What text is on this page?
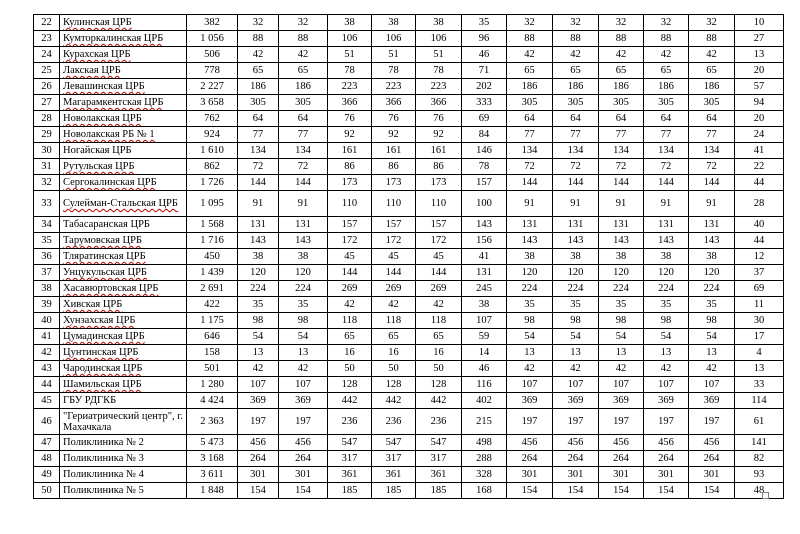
22	Кулинская ЦРБ	382	32	32	38	38	38	35	32	32	32	32	32	10
23	Кумторкалинская ЦРБ	1 056	88	88	106	106	106	96	88	88	88	88	88	27
24	Курахская ЦРБ	506	42	42	51	51	51	46	42	42	42	42	42	13
25	Лакская ЦРБ	778	65	65	78	78	78	71	65	65	65	65	65	20
26	Левашинская ЦРБ	2 227	186	186	223	223	223	202	186	186	186	186	186	57
27	Магарамкентская ЦРБ	3 658	305	305	366	366	366	333	305	305	305	305	305	94
28	Новолакская ЦРБ	762	64	64	76	76	76	69	64	64	64	64	64	20
29	Новолакская РБ № 1	924	77	77	92	92	92	84	77	77	77	77	77	24
30	Ногайская ЦРБ	1 610	134	134	161	161	161	146	134	134	134	134	134	41
31	Рутульская ЦРБ	862	72	72	86	86	86	78	72	72	72	72	72	22
32	Сергокалинская ЦРБ	1 726	144	144	173	173	173	157	144	144	144	144	144	44
33	Сулейман-Стальская ЦРБ	1 095	91	91	110	110	110	100	91	91	91	91	91	28
34	Табасаранская ЦРБ	1 568	131	131	157	157	157	143	131	131	131	131	131	40
35	Тарумовская ЦРБ	1 716	143	143	172	172	172	156	143	143	143	143	143	44
36	Тляратинская ЦРБ	450	38	38	45	45	45	41	38	38	38	38	38	12
37	Унцукульская ЦРБ	1 439	120	120	144	144	144	131	120	120	120	120	120	37
38	Хасавюртовская ЦРБ	2 691	224	224	269	269	269	245	224	224	224	224	224	69
39	Хивская ЦРБ	422	35	35	42	42	42	38	35	35	35	35	35	11
40	Хунзахская ЦРБ	1 175	98	98	118	118	118	107	98	98	98	98	98	30
41	Цумадинская ЦРБ	646	54	54	65	65	65	59	54	54	54	54	54	17
42	Цунтинская ЦРБ	158	13	13	16	16	16	14	13	13	13	13	13	4
43	Чародинская ЦРБ	501	42	42	50	50	50	46	42	42	42	42	42	13
44	Шамильская ЦРБ	1 280	107	107	128	128	128	116	107	107	107	107	107	33
45	ГБУ РДГКБ	4 424	369	369	442	442	442	402	369	369	369	369	369	114
46	"Гериатрический центр", г. Махачкала	2 363	197	197	236	236	236	215	197	197	197	197	197	61
47	Поликлиника № 2	5 473	456	456	547	547	547	498	456	456	456	456	456	141
48	Поликлиника № 3	3 168	264	264	317	317	317	288	264	264	264	264	264	82
49	Поликлиника № 4	3 611	301	301	361	361	361	328	301	301	301	301	301	93
50	Поликлиника № 5	1 848	154	154	185	185	185	168	154	154	154	154	154	48
